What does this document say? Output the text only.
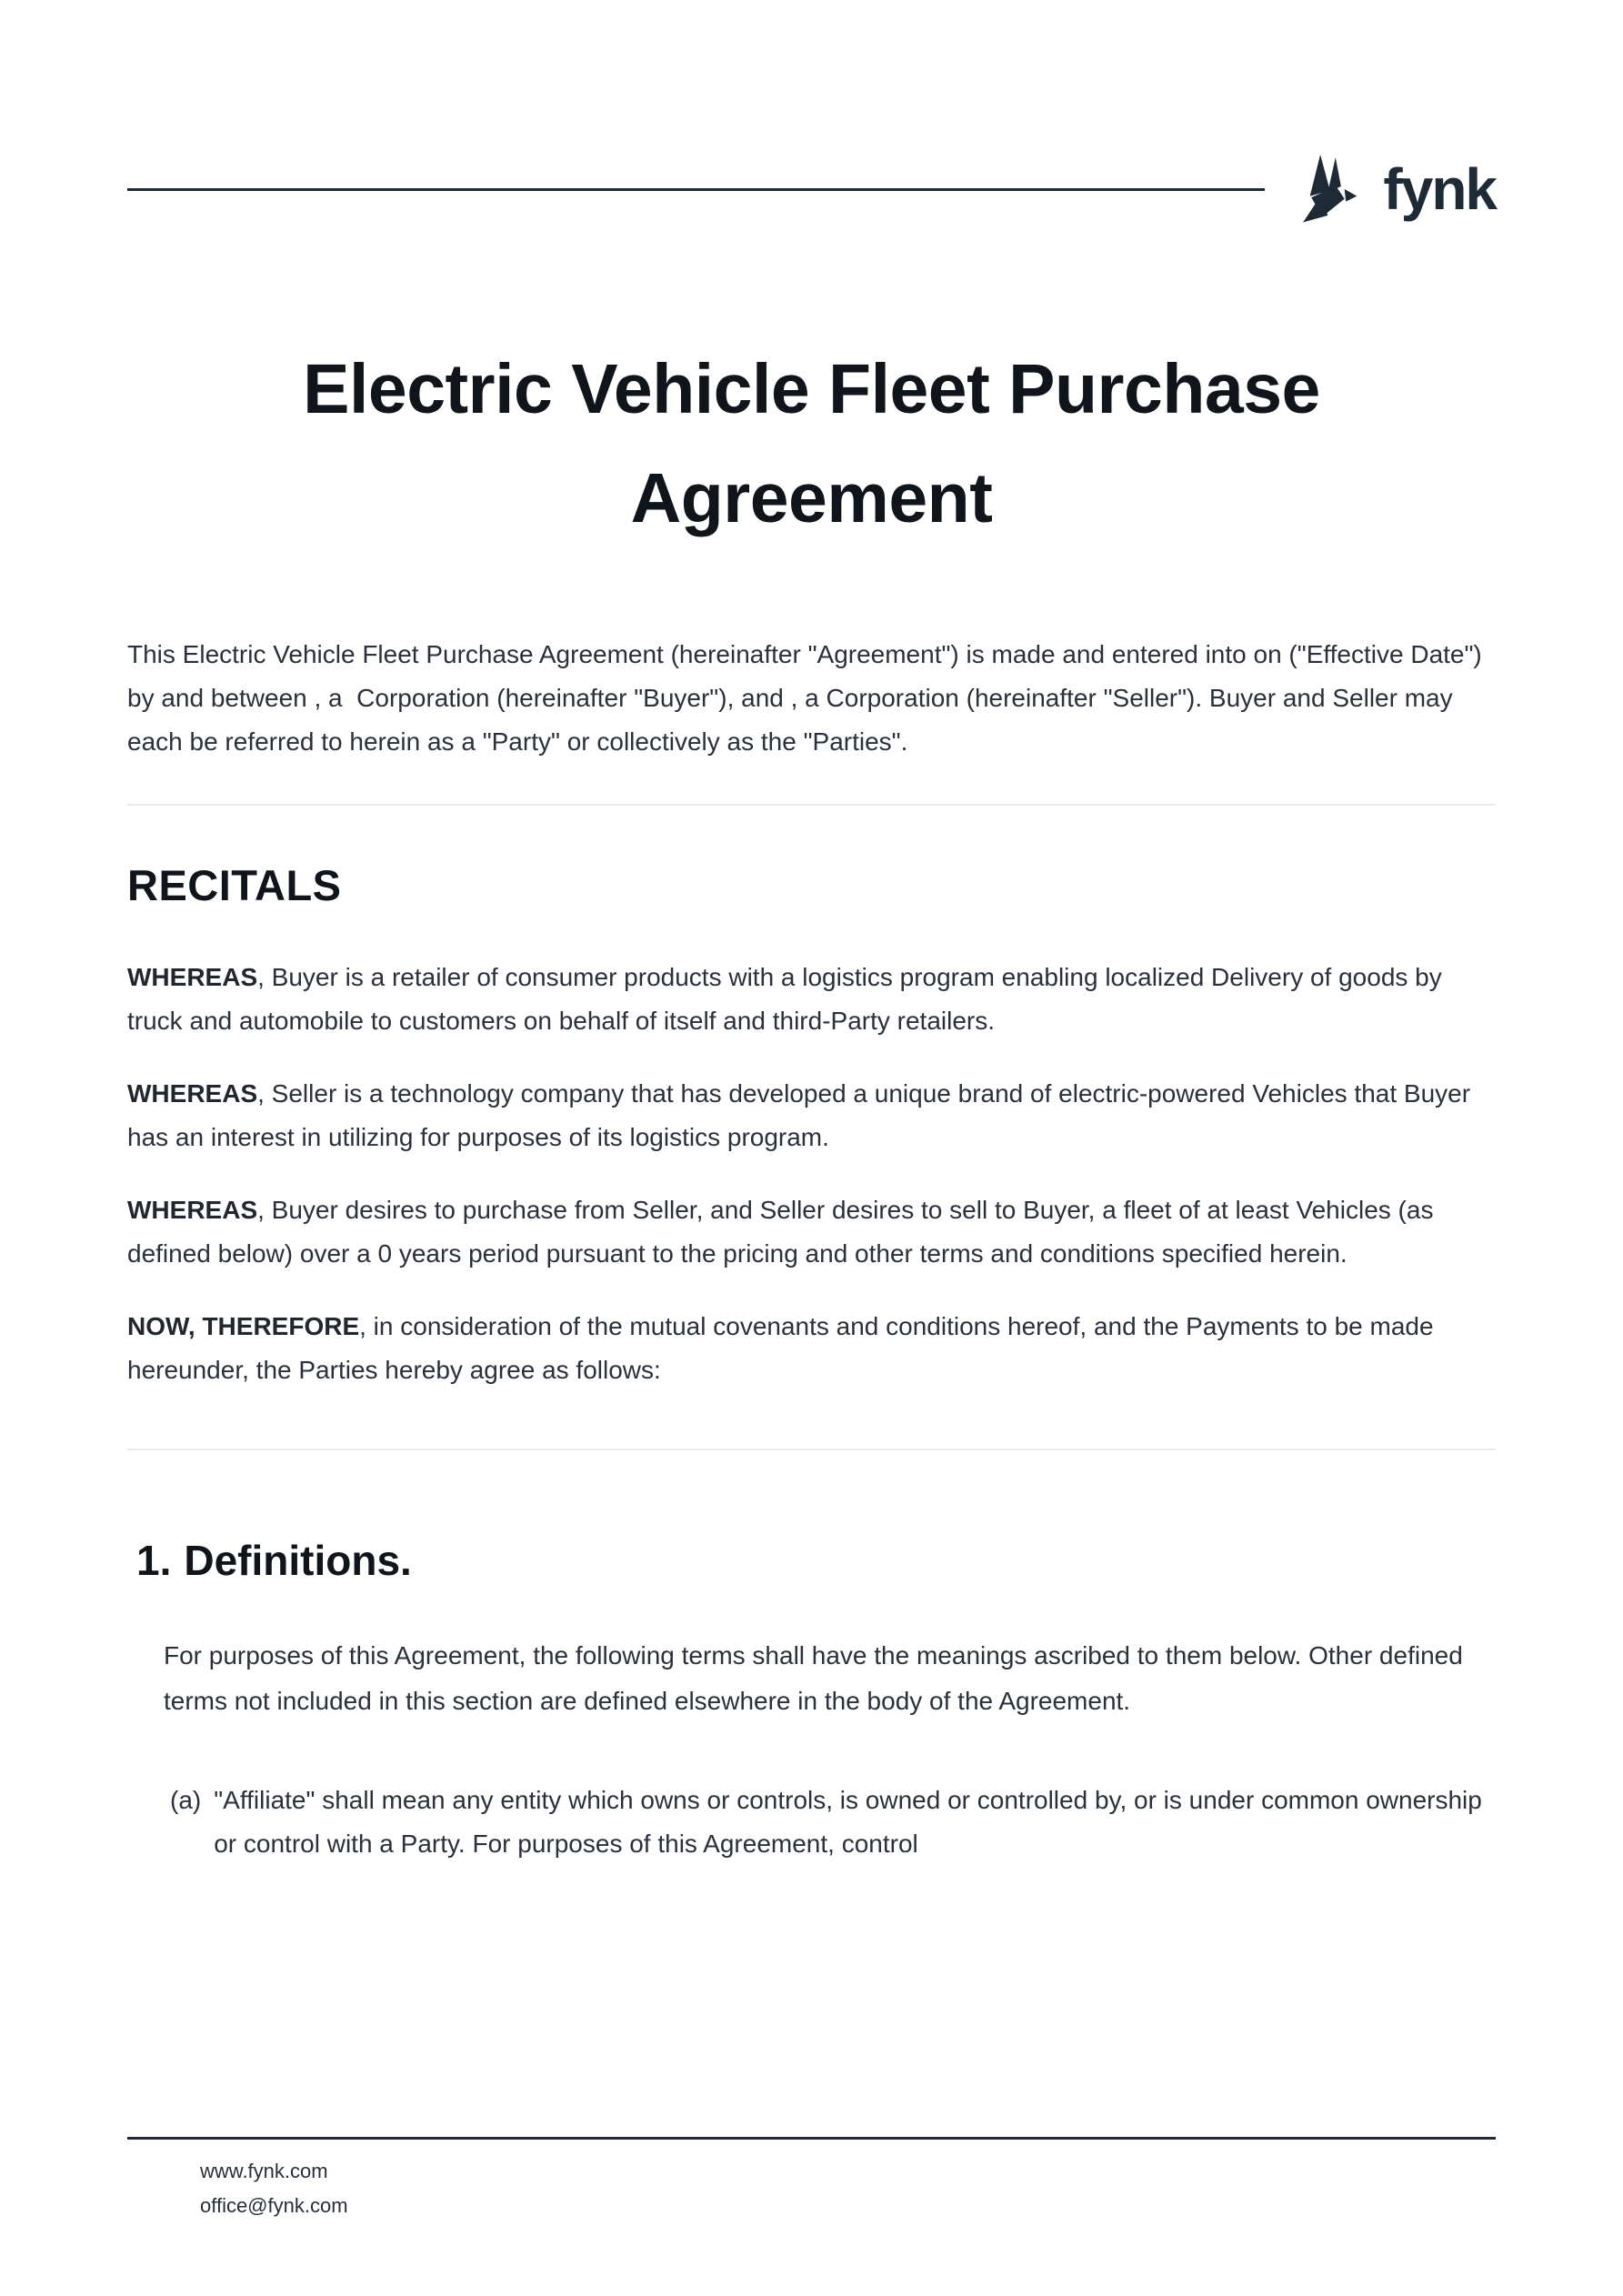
fynk
Electric Vehicle Fleet Purchase Agreement

This Electric Vehicle Fleet Purchase Agreement (hereinafter "Agreement") is made and entered into on ("Effective Date") by and between , a  Corporation (hereinafter "Buyer"), and , a Corporation (hereinafter "Seller"). Buyer and Seller may each be referred to herein as a "Party" or collectively as the "Parties".

RECITALS

WHEREAS, Buyer is a retailer of consumer products with a logistics program enabling localized Delivery of goods by truck and automobile to customers on behalf of itself and third-Party retailers.

WHEREAS, Seller is a technology company that has developed a unique brand of electric-powered Vehicles that Buyer has an interest in utilizing for purposes of its logistics program.

WHEREAS, Buyer desires to purchase from Seller, and Seller desires to sell to Buyer, a fleet of at least Vehicles (as defined below) over a 0 years period pursuant to the pricing and other terms and conditions specified herein.

NOW, THEREFORE, in consideration of the mutual covenants and conditions hereof, and the Payments to be made hereunder, the Parties hereby agree as follows:

1. Definitions.

For purposes of this Agreement, the following terms shall have the meanings ascribed to them below. Other defined terms not included in this section are defined elsewhere in the body of the Agreement.

(a) "Affiliate" shall mean any entity which owns or controls, is owned or controlled by, or is under common ownership or control with a Party. For purposes of this Agreement, control
www.fynk.com
office@fynk.com
